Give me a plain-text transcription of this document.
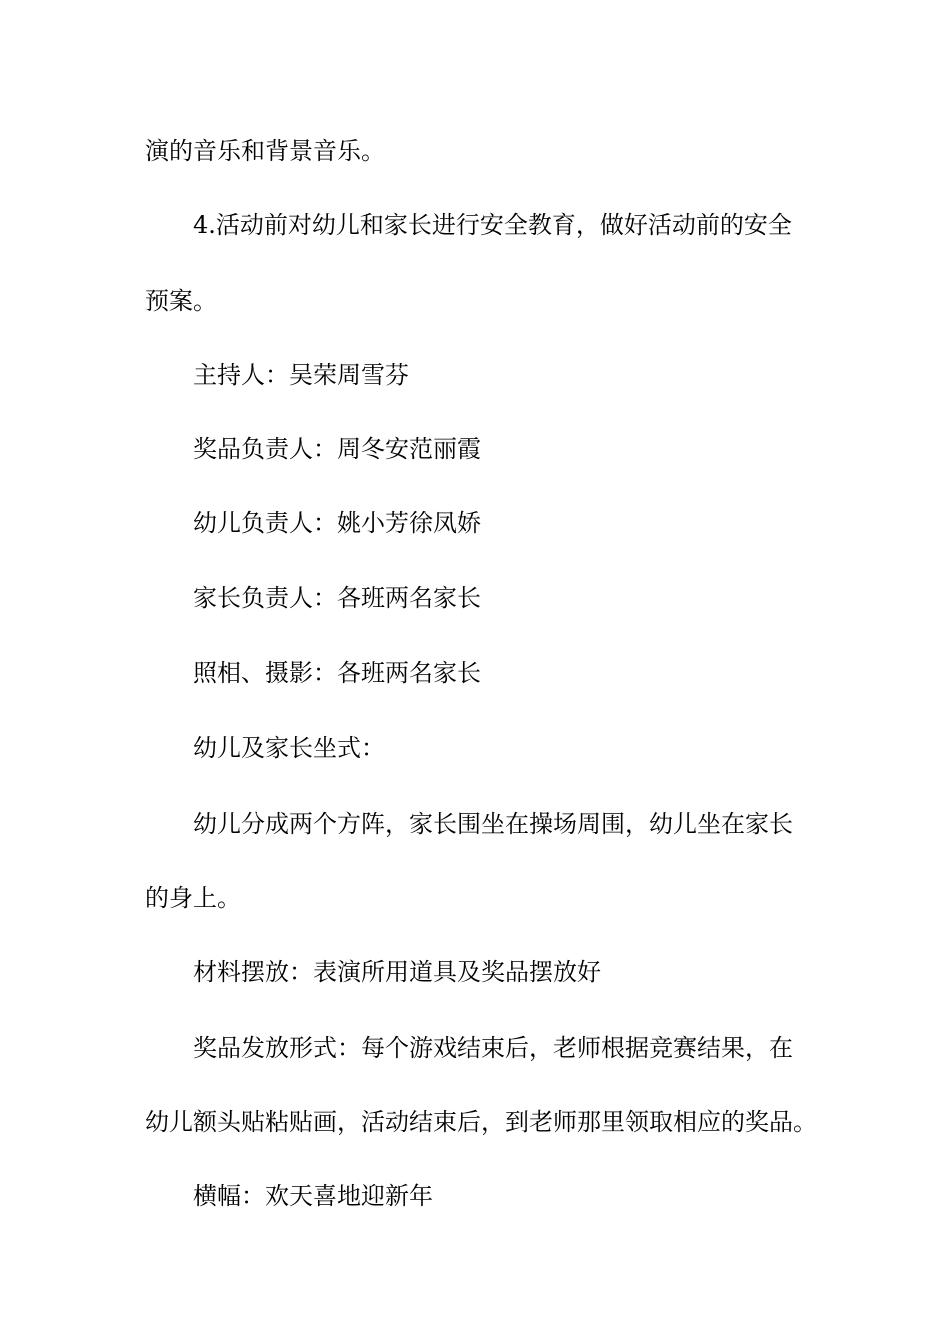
演的音乐和背景音乐。
4.活动前对幼儿和家长进行安全教育，做好活动前的安全
预案。
主持人：吴荣周雪芬
奖品负责人：周冬安范丽霞
幼儿负责人：姚小芳徐凤娇
家长负责人：各班两名家长
照相、摄影：各班两名家长
幼儿及家长坐式：
幼儿分成两个方阵，家长围坐在操场周围，幼儿坐在家长
的身上。
材料摆放：表演所用道具及奖品摆放好
奖品发放形式：每个游戏结束后，老师根据竞赛结果，在
幼儿额头贴粘贴画，活动结束后，到老师那里领取相应的奖品。
横幅：欢天喜地迎新年
